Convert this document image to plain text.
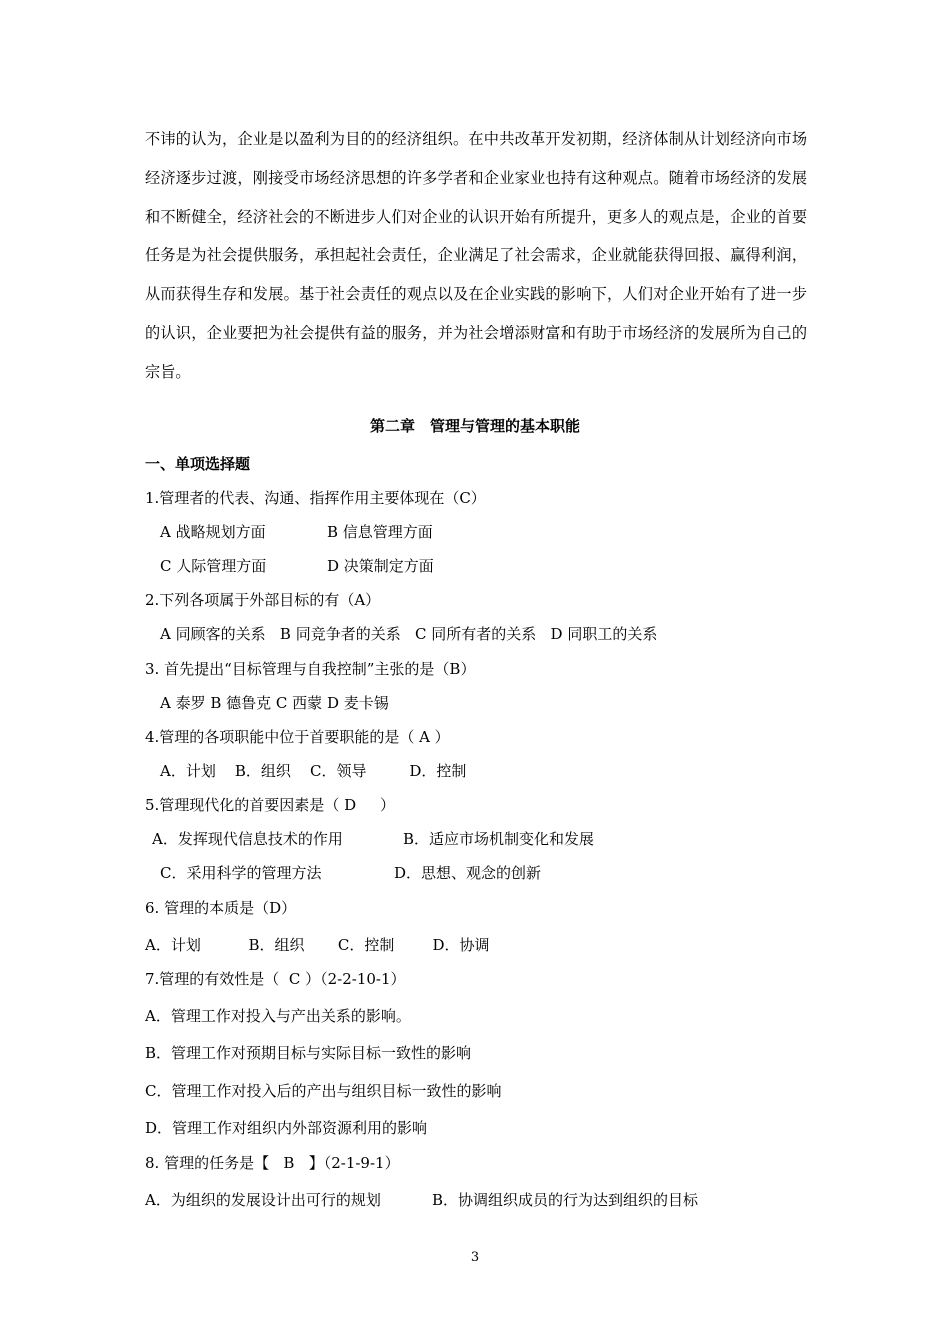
不讳的认为，企业是以盈利为目的的经济组织。在中共改革开发初期，经济体制从计划经济向市场经济逐步过渡，刚接受市场经济思想的许多学者和企业家业也持有这种观点。随着市场经济的发展和不断健全，经济社会的不断进步人们对企业的认识开始有所提升，更多人的观点是，企业的首要任务是为社会提供服务，承担起社会责任，企业满足了社会需求，企业就能获得回报、赢得利润，从而获得生存和发展。基于社会责任的观点以及在企业实践的影响下，人们对企业开始有了进一步的认识，企业要把为社会提供有益的服务，并为社会增添财富和有助于市场经济的发展所为自己的宗旨。
第二章　管理与管理的基本职能
一、单项选择题
1.管理者的代表、沟通、指挥作用主要体现在（C）
A 战略规划方面	B 信息管理方面
C 人际管理方面	D 决策制定方面
2.下列各项属于外部目标的有（A）
A 同顾客的关系   B 同竞争者的关系   C 同所有者的关系   D 同职工的关系
3. 首先提出“目标管理与自我控制”主张的是（B）
A 泰罗 B 德鲁克 C 西蒙 D 麦卡锡
4.管理的各项职能中位于首要职能的是（ A ）
A．计划    B．组织    C．领导         D．控制
5.管理现代化的首要因素是（ D     ）
A．发挥现代信息技术的作用	B．适应市场机制变化和发展
C．采用科学的管理方法	D．思想、观念的创新
6. 管理的本质是（D）
A．计划          B．组织       C．控制        D．协调
7.管理的有效性是（  C ）（2-2-10-1）
A．管理工作对投入与产出关系的影响。
B．管理工作对预期目标与实际目标一致性的影响
C．管理工作对投入后的产出与组织目标一致性的影响
D．管理工作对组织内外部资源利用的影响
8. 管理的任务是【   B   】（2-1-9-1）
A．为组织的发展设计出可行的规划	B．协调组织成员的行为达到组织的目标
3
